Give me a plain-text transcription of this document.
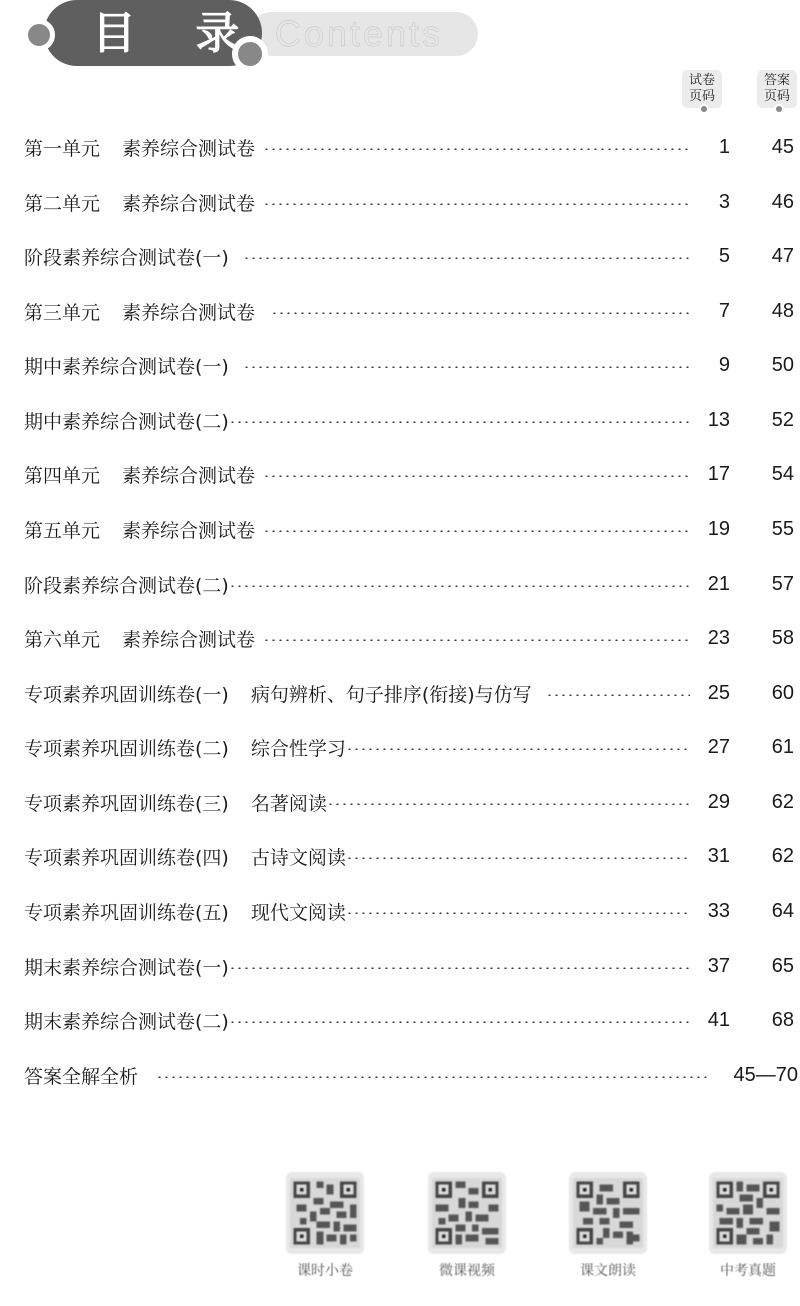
目 录 Contents
试卷
页码
答案
页码
第一单元 素养综合测试卷	1	45
第二单元 素养综合测试卷	3	46
阶段素养综合测试卷(一)	5	47
第三单元 素养综合测试卷	7	48
期中素养综合测试卷(一)	9	50
期中素养综合测试卷(二)	13	52
第四单元 素养综合测试卷	17	54
第五单元 素养综合测试卷	19	55
阶段素养综合测试卷(二)	21	57
第六单元 素养综合测试卷	23	58
专项素养巩固训练卷(一) 病句辨析、句子排序(衔接)与仿写	25	60
专项素养巩固训练卷(二) 综合性学习	27	61
专项素养巩固训练卷(三) 名著阅读	29	62
专项素养巩固训练卷(四) 古诗文阅读	31	62
专项素养巩固训练卷(五) 现代文阅读	33	64
期末素养综合测试卷(一)	37	65
期末素养综合测试卷(二)	41	68
答案全解全析	45—70
课时小卷	微课视频	课文朗读	中考真题
